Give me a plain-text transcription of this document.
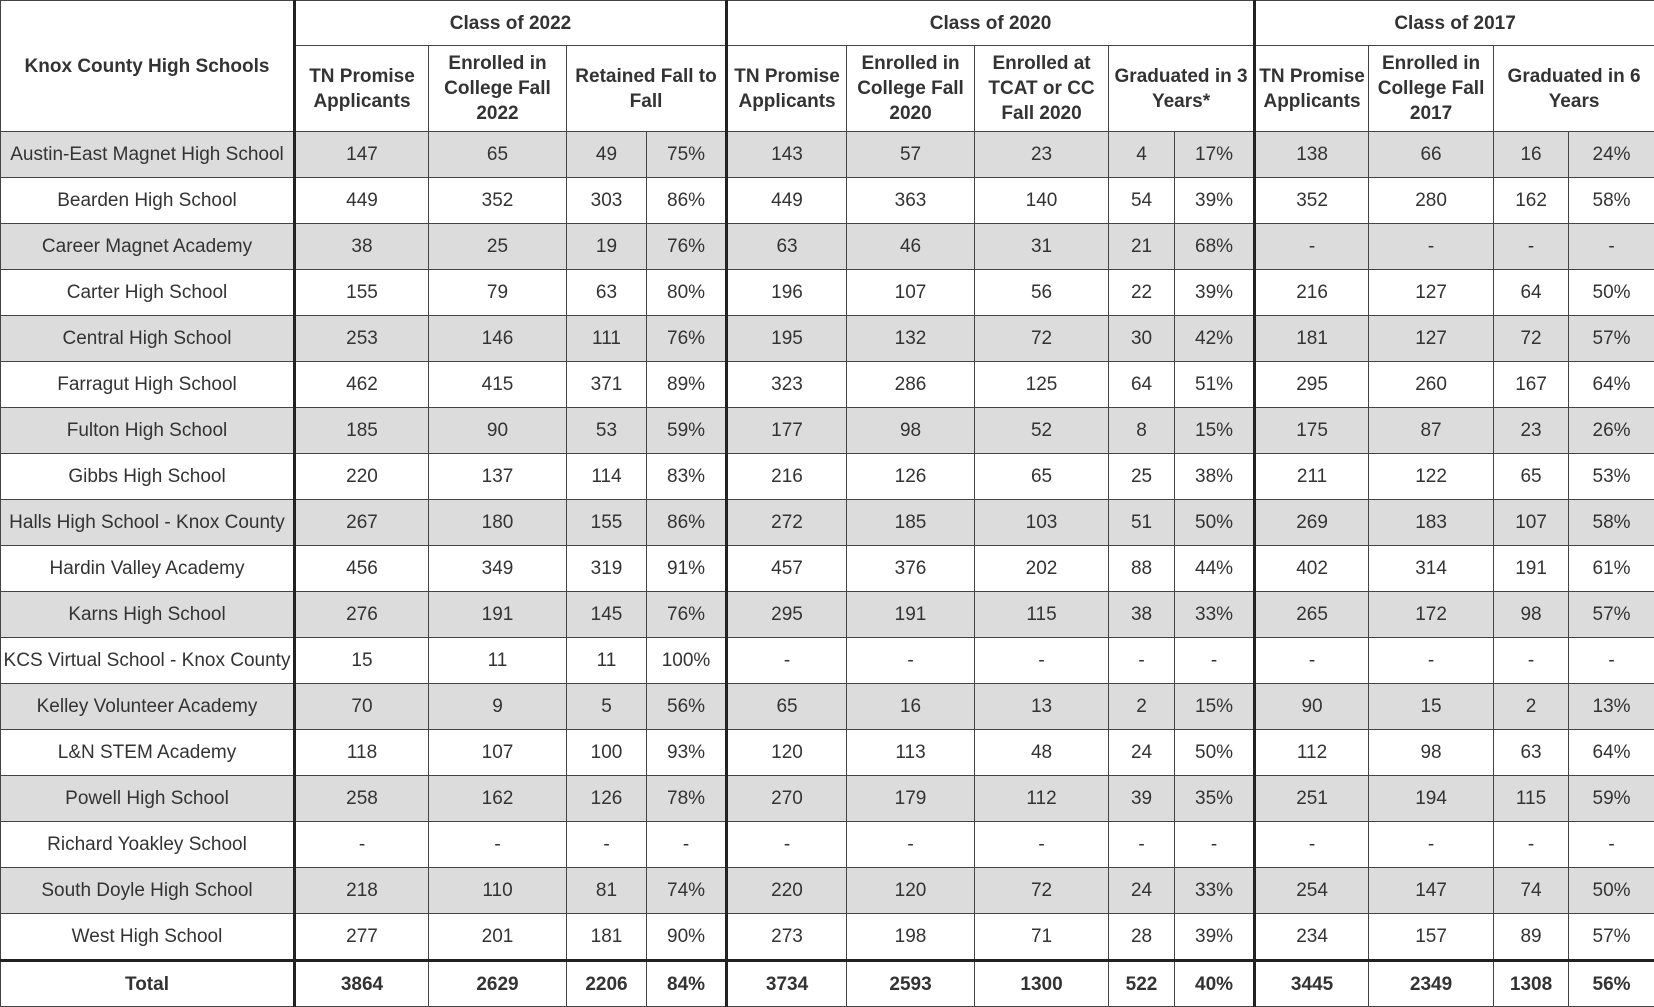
Knox County High Schools	Class of 2022				Class of 2020					Class of 2017			
	TN Promise Applicants	Enrolled in College Fall 2022	Retained Fall to Fall		TN Promise Applicants	Enrolled in College Fall 2020	Enrolled at TCAT or CC Fall 2020	Graduated in 3 Years*		TN Promise Applicants	Enrolled in College Fall 2017	Graduated in 6 Years	
Austin-East Magnet High School	147	65	49	75%	143	57	23	4	17%	138	66	16	24%
Bearden High School	449	352	303	86%	449	363	140	54	39%	352	280	162	58%
Career Magnet Academy	38	25	19	76%	63	46	31	21	68%	-	-	-	-
Carter High School	155	79	63	80%	196	107	56	22	39%	216	127	64	50%
Central High School	253	146	111	76%	195	132	72	30	42%	181	127	72	57%
Farragut High School	462	415	371	89%	323	286	125	64	51%	295	260	167	64%
Fulton High School	185	90	53	59%	177	98	52	8	15%	175	87	23	26%
Gibbs High School	220	137	114	83%	216	126	65	25	38%	211	122	65	53%
Halls High School - Knox County	267	180	155	86%	272	185	103	51	50%	269	183	107	58%
Hardin Valley Academy	456	349	319	91%	457	376	202	88	44%	402	314	191	61%
Karns High School	276	191	145	76%	295	191	115	38	33%	265	172	98	57%
KCS Virtual School - Knox County	15	11	11	100%	-	-	-	-	-	-	-	-	-
Kelley Volunteer Academy	70	9	5	56%	65	16	13	2	15%	90	15	2	13%
L&N STEM Academy	118	107	100	93%	120	113	48	24	50%	112	98	63	64%
Powell High School	258	162	126	78%	270	179	112	39	35%	251	194	115	59%
Richard Yoakley School	-	-	-	-	-	-	-	-	-	-	-	-	-
South Doyle High School	218	110	81	74%	220	120	72	24	33%	254	147	74	50%
West High School	277	201	181	90%	273	198	71	28	39%	234	157	89	57%
Total	3864	2629	2206	84%	3734	2593	1300	522	40%	3445	2349	1308	56%
